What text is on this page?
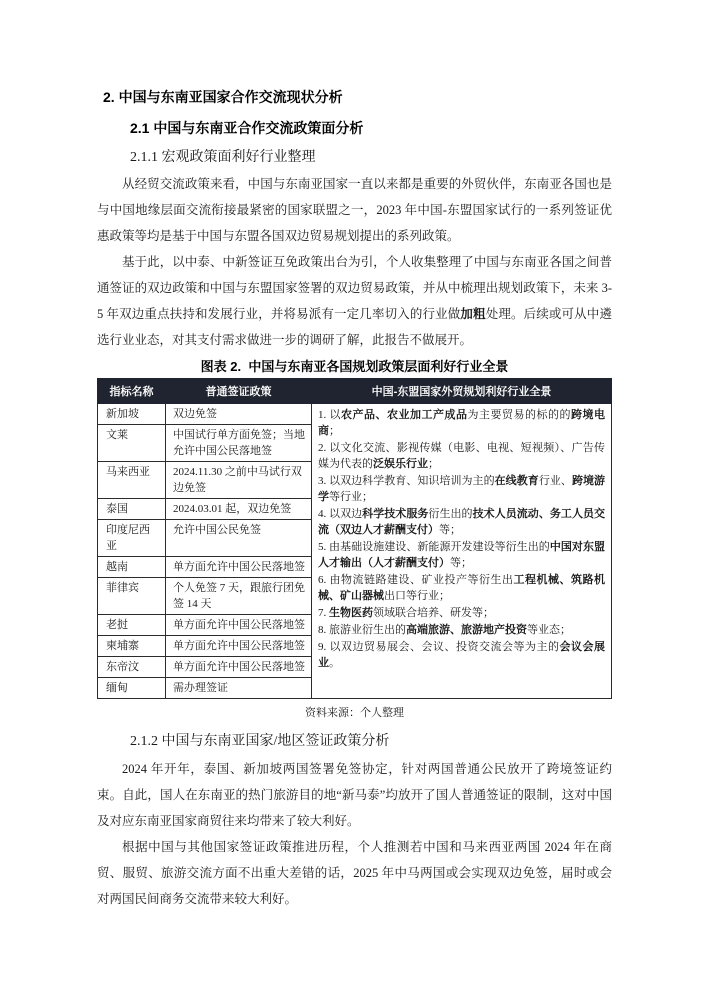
2. 中国与东南亚国家合作交流现状分析
2.1 中国与东南亚合作交流政策面分析
2.1.1 宏观政策面利好行业整理

从经贸交流政策来看，中国与东南亚国家一直以来都是重要的外贸伙伴，东南亚各国也是与中国地缘层面交流衔接最紧密的国家联盟之一，2023 年中国-东盟国家试行的一系列签证优惠政策等均是基于中国与东盟各国双边贸易规划提出的系列政策。

基于此，以中泰、中新签证互免政策出台为引，个人收集整理了中国与东南亚各国之间普通签证的双边政策和中国与东盟国家签署的双边贸易政策，并从中梳理出规划政策下，未来 3-5 年双边重点扶持和发展行业，并将易派有一定几率切入的行业做加粗处理。后续或可从中遴选行业业态，对其支付需求做进一步的调研了解，此报告不做展开。

图表 2.  中国与东南亚各国规划政策层面利好行业全景
指标名称	普通签证政策	中国-东盟国家外贸规划利好行业全景
新加坡	双边免签	1. 以农产品、农业加工产成品为主要贸易的标的的跨境电商；
2. 以文化交流、影视传媒（电影、电视、短视频）、广告传媒为代表的泛娱乐行业；
3. 以双边科学教育、知识培训为主的在线教育行业、跨境游学等行业；
4. 以双边科学技术服务衍生出的技术人员流动、务工人员交流（双边人才薪酬支付）等；
5. 由基础设施建设、新能源开发建设等衍生出的中国对东盟人才输出（人才薪酬支付）等；
6. 由物流链路建设、矿业投产等衍生出工程机械、筑路机械、矿山器械出口等行业；
7. 生物医药领域联合培养、研发等；
8. 旅游业衍生出的高端旅游、旅游地产投资等业态；
9. 以双边贸易展会、会议、投资交流会等为主的会议会展业。

文莱	中国试行单方面免签；当地允许中国公民落地签	
马来西亚	2024.11.30 之前中马试行双边免签	
泰国	2024.03.01 起，双边免签	
印度尼西亚	允许中国公民免签	
越南	单方面允许中国公民落地签	
菲律宾	个人免签 7 天，跟旅行团免签 14 天	
老挝	单方面允许中国公民落地签	
柬埔寨	单方面允许中国公民落地签	
东帝汶	单方面允许中国公民落地签	
缅甸	需办理签证	
资料来源：个人整理
2.1.2 中国与东南亚国家/地区签证政策分析

2024 年开年，泰国、新加坡两国签署免签协定，针对两国普通公民放开了跨境签证约束。自此，国人在东南亚的热门旅游目的地“新马泰”均放开了国人普通签证的限制，这对中国及对应东南亚国家商贸往来均带来了较大利好。

根据中国与其他国家签证政策推进历程，个人推测若中国和马来西亚两国 2024 年在商贸、服贸、旅游交流方面不出重大差错的话，2025 年中马两国或会实现双边免签，届时或会对两国民间商务交流带来较大利好。
